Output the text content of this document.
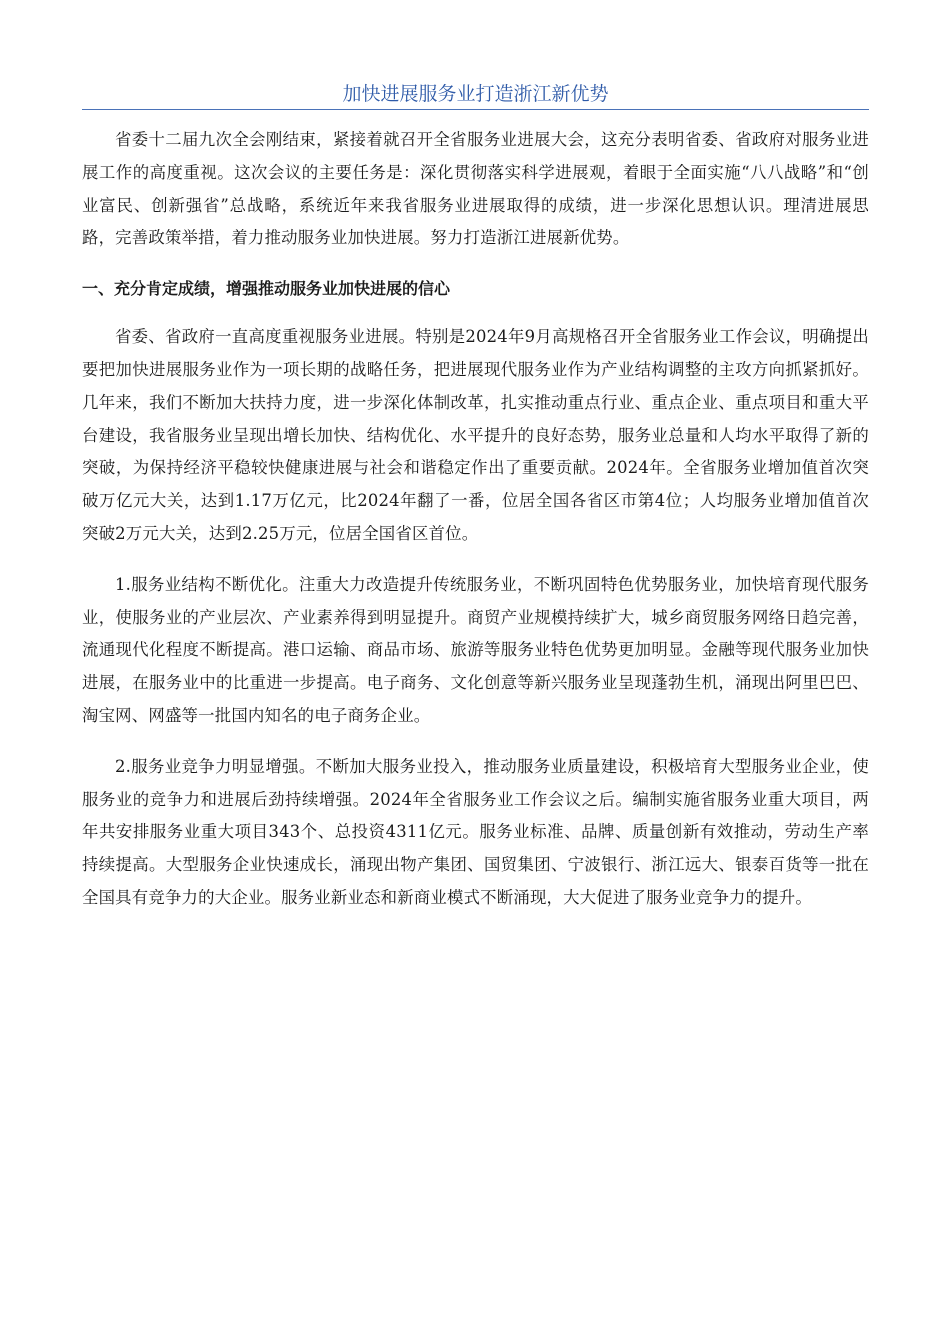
加快进展服务业打造浙江新优势

省委十二届九次全会刚结束，紧接着就召开全省服务业进展大会，这充分表明省委、省政府对服务业进展工作的高度重视。这次会议的主要任务是：深化贯彻落实科学进展观，着眼于全面实施“八八战略”和“创业富民、创新强省”总战略，系统近年来我省服务业进展取得的成绩，进一步深化思想认识。理清进展思路，完善政策举措，着力推动服务业加快进展。努力打造浙江进展新优势。

一、充分肯定成绩，增强推动服务业加快进展的信心

省委、省政府一直高度重视服务业进展。特别是2024年9月高规格召开全省服务业工作会议，明确提出要把加快进展服务业作为一项长期的战略任务，把进展现代服务业作为产业结构调整的主攻方向抓紧抓好。几年来，我们不断加大扶持力度，进一步深化体制改革，扎实推动重点行业、重点企业、重点项目和重大平台建设，我省服务业呈现出增长加快、结构优化、水平提升的良好态势，服务业总量和人均水平取得了新的突破，为保持经济平稳较快健康进展与社会和谐稳定作出了重要贡献。2024年。全省服务业增加值首次突破万亿元大关，达到1.17万亿元，比2024年翻了一番，位居全国各省区市第4位；人均服务业增加值首次突破2万元大关，达到2.25万元，位居全国省区首位。

1.服务业结构不断优化。注重大力改造提升传统服务业，不断巩固特色优势服务业，加快培育现代服务业，使服务业的产业层次、产业素养得到明显提升。商贸产业规模持续扩大，城乡商贸服务网络日趋完善，流通现代化程度不断提高。港口运输、商品市场、旅游等服务业特色优势更加明显。金融等现代服务业加快进展，在服务业中的比重进一步提高。电子商务、文化创意等新兴服务业呈现蓬勃生机，涌现出阿里巴巴、淘宝网、网盛等一批国内知名的电子商务企业。

2.服务业竞争力明显增强。不断加大服务业投入，推动服务业质量建设，积极培育大型服务业企业，使服务业的竞争力和进展后劲持续增强。2024年全省服务业工作会议之后。编制实施省服务业重大项目，两年共安排服务业重大项目343个、总投资4311亿元。服务业标准、品牌、质量创新有效推动，劳动生产率持续提高。大型服务企业快速成长，涌现出物产集团、国贸集团、宁波银行、浙江远大、银泰百货等一批在全国具有竞争力的大企业。服务业新业态和新商业模式不断涌现，大大促进了服务业竞争力的提升。
